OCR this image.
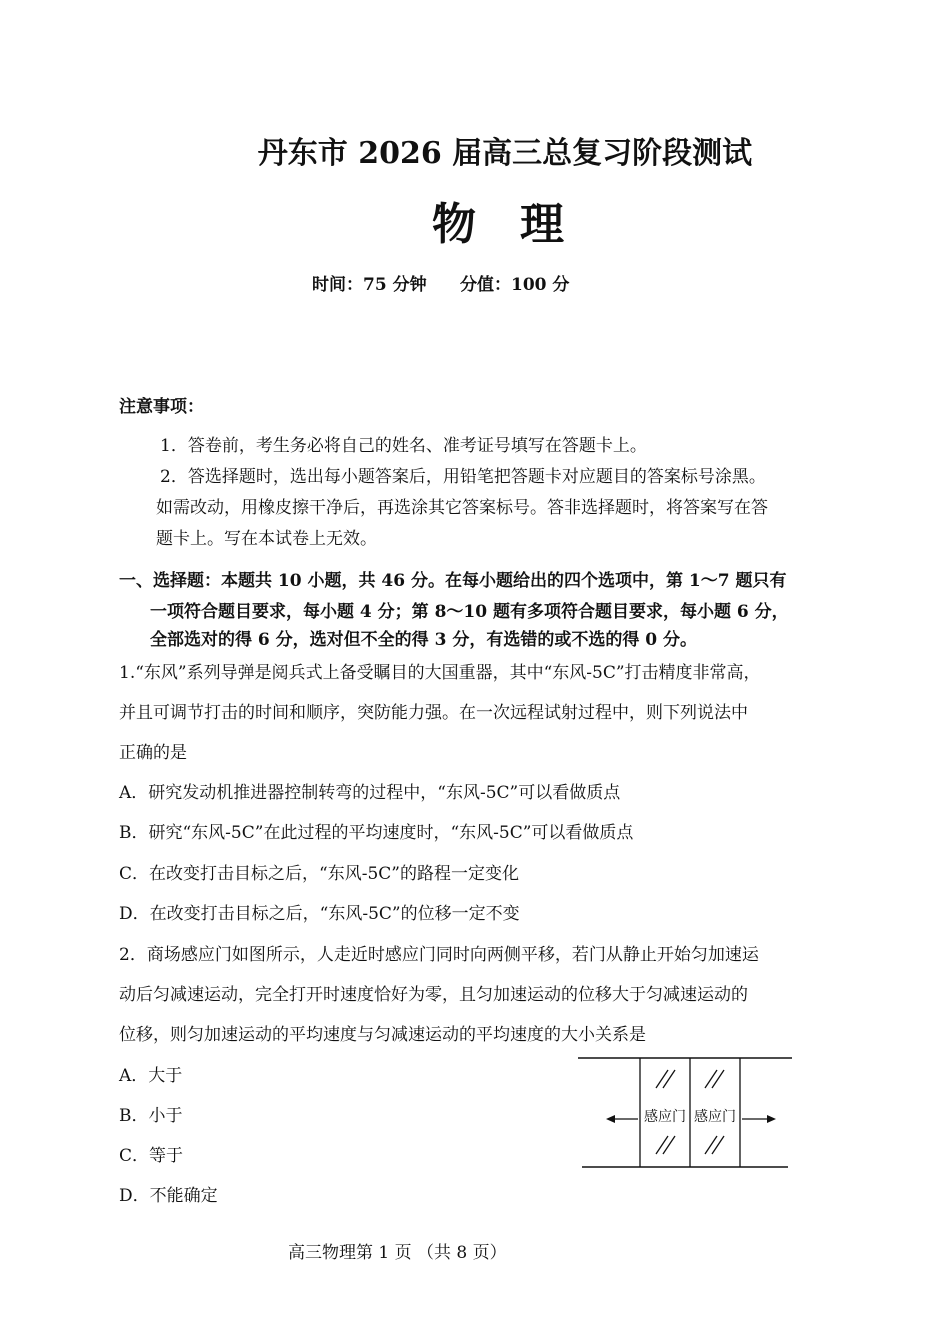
丹东市 2026 届高三总复习阶段测试
物理
时间：75 分钟 分值：100 分
注意事项：
1．答卷前，考生务必将自己的姓名、准考证号填写在答题卡上。
2．答选择题时，选出每小题答案后，用铅笔把答题卡对应题目的答案标号涂黑。
如需改动，用橡皮擦干净后，再选涂其它答案标号。答非选择题时，将答案写在答
题卡上。写在本试卷上无效。
一、选择题：本题共 10 小题，共 46 分。在每小题给出的四个选项中，第 1～7 题只有
一项符合题目要求，每小题 4 分；第 8～10 题有多项符合题目要求，每小题 6 分，
全部选对的得 6 分，选对但不全的得 3 分，有选错的或不选的得 0 分。
1.“东风”系列导弹是阅兵式上备受瞩目的大国重器，其中“东风-5C”打击精度非常高，
并且可调节打击的时间和顺序，突防能力强。在一次远程试射过程中，则下列说法中
正确的是
A．研究发动机推进器控制转弯的过程中，“东风-5C”可以看做质点
B．研究“东风-5C”在此过程的平均速度时，“东风-5C”可以看做质点
C．在改变打击目标之后，“东风-5C”的路程一定变化
D．在改变打击目标之后，“东风-5C”的位移一定不变
2．商场感应门如图所示，人走近时感应门同时向两侧平移，若门从静止开始匀加速运
动后匀减速运动，完全打开时速度恰好为零，且匀加速运动的位移大于匀减速运动的
位移，则匀加速运动的平均速度与匀减速运动的平均速度的大小关系是
A．大于
B．小于
C．等于
D．不能确定
感应门 感应门
高三物理第 1 页 （共 8 页）
